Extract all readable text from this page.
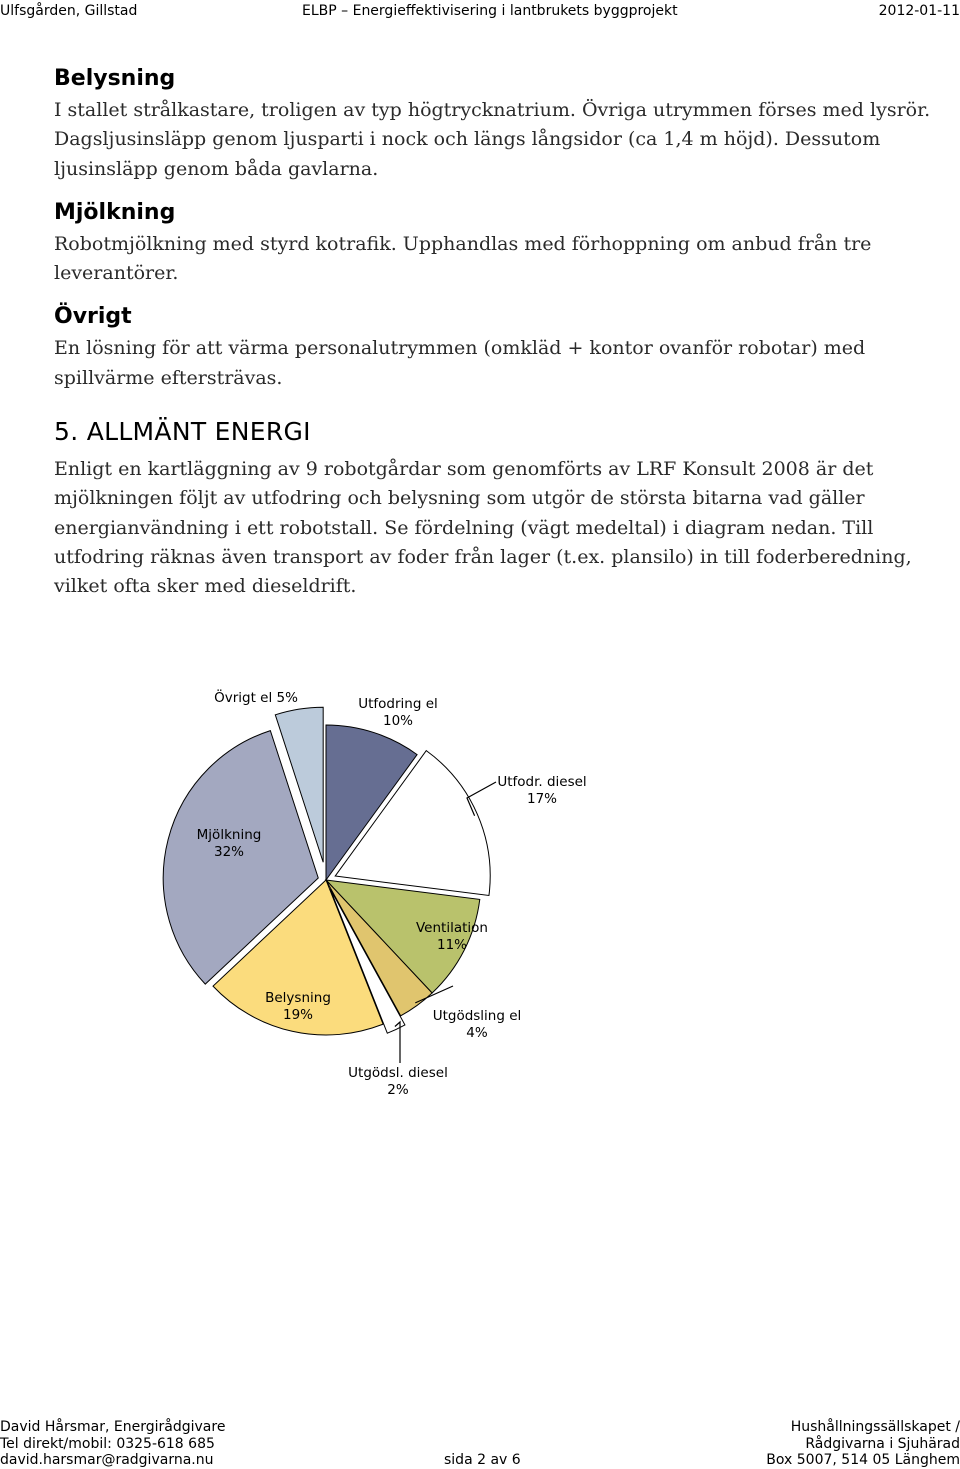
Ulfsgården, Gillstad	ELBP – Energieffektivisering i lantbrukets byggprojekt	2012-01-11
Belysning

I stallet strålkastare, troligen av typ högtrycknatrium. Övriga utrymmen förses med lysrör. Dagsljusinsläpp genom ljusparti i nock och längs långsidor (ca 1,4 m höjd). Dessutom ljusinsläpp genom båda gavlarna.

Mjölkning

Robotmjölkning med styrd kotrafik. Upphandlas med förhoppning om anbud från tre leverantörer.

Övrigt

En lösning för att värma personalutrymmen (omkläd + kontor ovanför robotar) med spillvärme eftersträvas.

5. ALLMÄNT ENERGI

Enligt en kartläggning av 9 robotgårdar som genomförts av LRF Konsult 2008 är det mjölkningen följt av utfodring och belysning som utgör de största bitarna vad gäller energianvändning i ett robotstall. Se fördelning (vägt medeltal) i diagram nedan. Till utfodring räknas även transport av foder från lager (t.ex. plansilo) in till foderberedning, vilket ofta sker med dieseldrift.

Utfodring el 10%
Utfodr. diesel 17%
Ventilation 11%
Utgödsling el 4%
Utgödsl. diesel 2%
Belysning 19%
Mjölkning 32%
Övrigt el 5%
David Hårsmar, Energirådgivare
Tel direkt/mobil: 0325-618 685
david.harsmar@radgivarna.nu	sida 2 av 6
Hushållningssällskapet /
Rådgivarna i Sjuhärad
Box 5007, 514 05 Länghem
